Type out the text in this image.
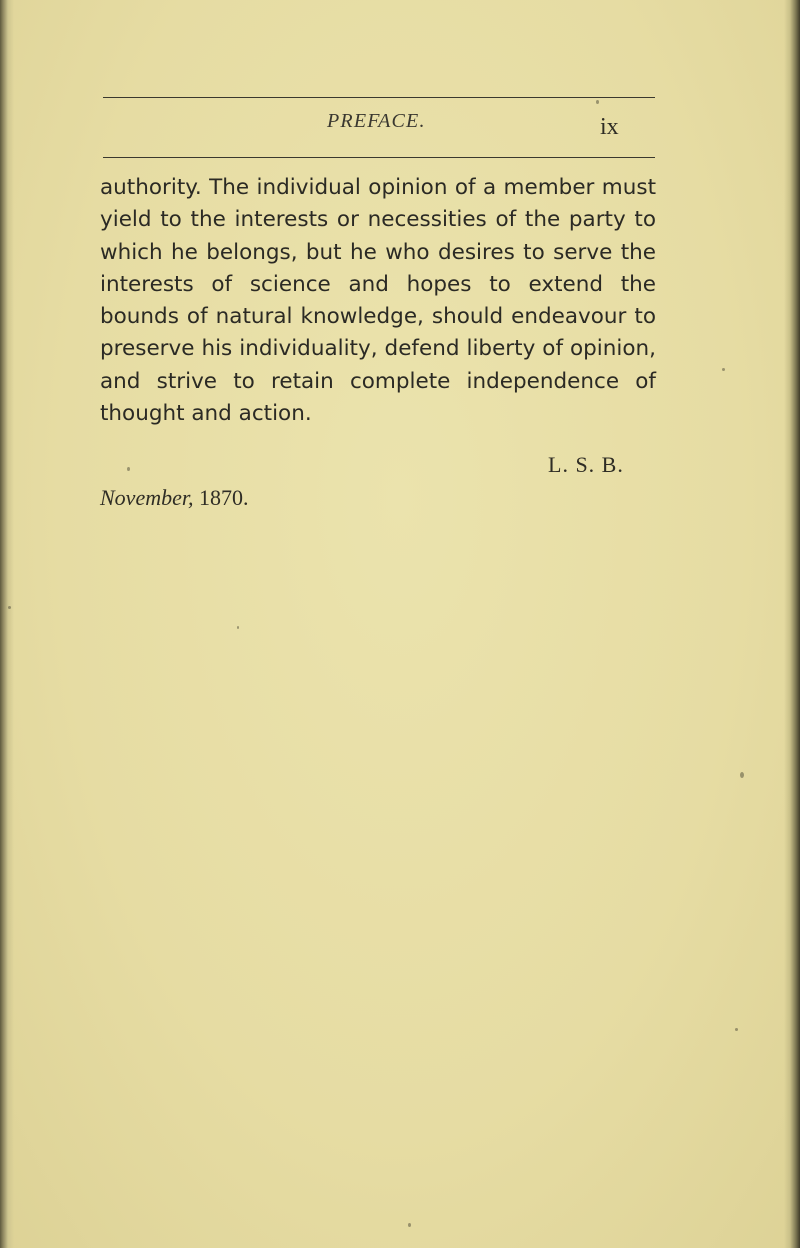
PREFACE.	ix

authority. The individual opinion of a member must yield to the interests or necessities of the party to which he belongs, but he who desires to serve the interests of science and hopes to extend the bounds of natural knowledge, should endeavour to preserve his individuality, defend liberty of opinion, and strive to retain complete independence of thought and action.

L. S. B.
November, 1870.
